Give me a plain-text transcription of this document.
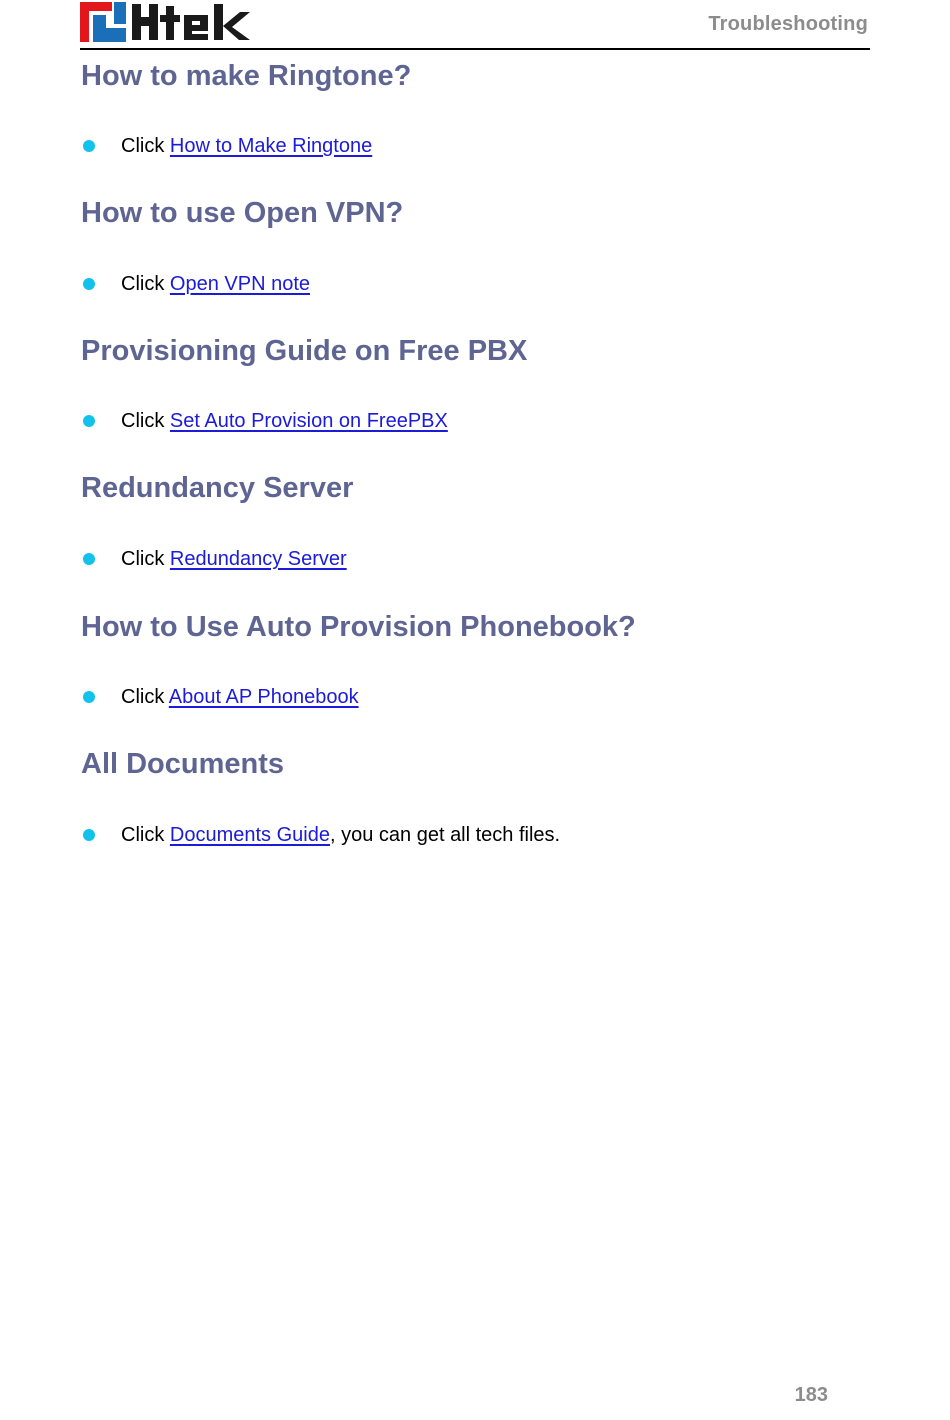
Troubleshooting
How to make Ringtone?
Click How to Make Ringtone
How to use Open VPN?
Click Open VPN note
Provisioning Guide on Free PBX
Click Set Auto Provision on FreePBX
Redundancy Server
Click Redundancy Server
How to Use Auto Provision Phonebook?
Click About AP Phonebook
All Documents
Click Documents Guide, you can get all tech files.
183
